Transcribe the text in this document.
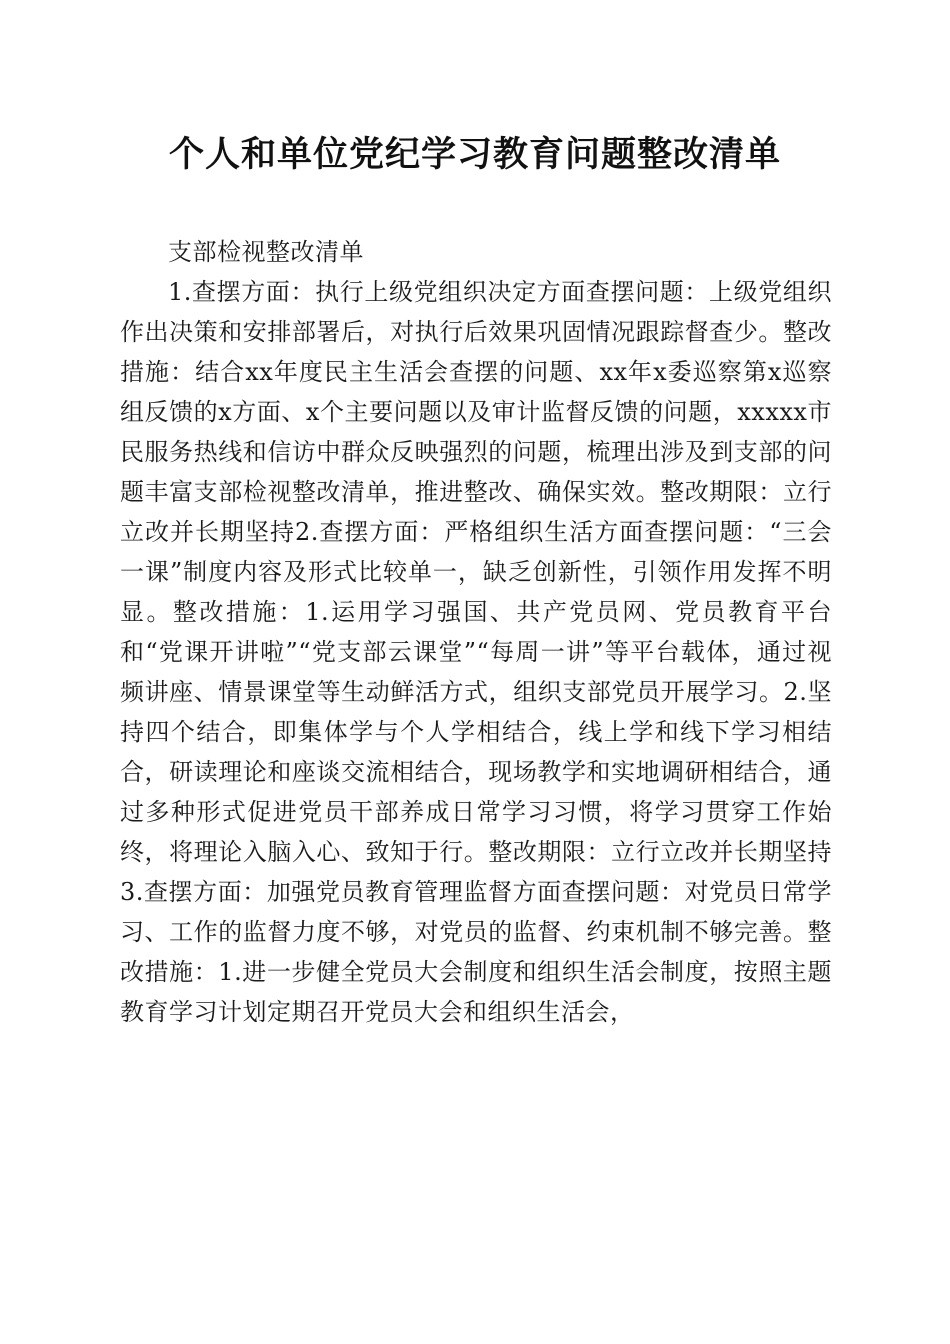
个人和单位党纪学习教育问题整改清单

支部检视整改清单

1.查摆方面：执行上级党组织决定方面查摆问题：上级党组织作出决策和安排部署后，对执行后效果巩固情况跟踪督查少。整改措施：结合xx年度民主生活会查摆的问题、xx年x委巡察第x巡察组反馈的x方面、x个主要问题以及审计监督反馈的问题，xxxxx市民服务热线和信访中群众反映强烈的问题，梳理出涉及到支部的问题丰富支部检视整改清单，推进整改、确保实效。整改期限：立行立改并长期坚持2.查摆方面：严格组织生活方面查摆问题：“三会一课”制度内容及形式比较单一，缺乏创新性，引领作用发挥不明显。整改措施：1.运用学习强国、共产党员网、党员教育平台和“党课开讲啦”“党支部云课堂”“每周一讲”等平台载体，通过视频讲座、情景课堂等生动鲜活方式，组织支部党员开展学习。2.坚持四个结合，即集体学与个人学相结合，线上学和线下学习相结合，研读理论和座谈交流相结合，现场教学和实地调研相结合，通过多种形式促进党员干部养成日常学习习惯，将学习贯穿工作始终，将理论入脑入心、致知于行。整改期限：立行立改并长期坚持3.查摆方面：加强党员教育管理监督方面查摆问题：对党员日常学习、工作的监督力度不够，对党员的监督、约束机制不够完善。整改措施：1.进一步健全党员大会制度和组织生活会制度，按照主题教育学习计划定期召开党员大会和组织生活会，
